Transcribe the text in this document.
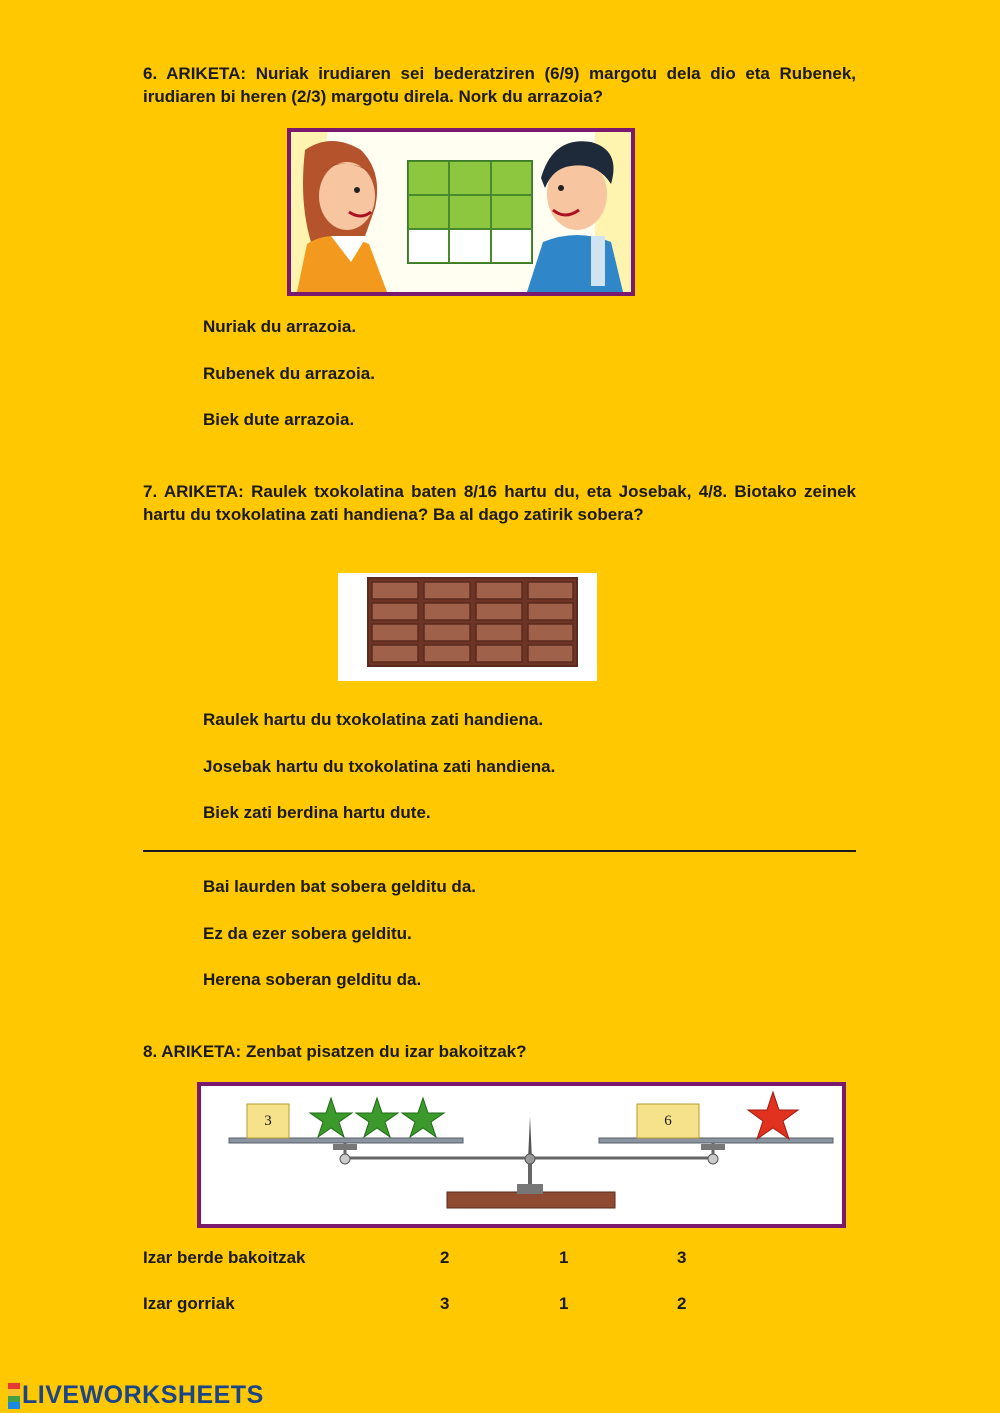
6. ARIKETA: Nuriak irudiaren sei bederatziren (6/9) margotu dela dio eta Rubenek, irudiaren bi heren (2/3) margotu direla. Nork du arrazoia?

Nuriak du arrazoia.
Rubenek du arrazoia.
Biek dute arrazoia.

7. ARIKETA: Raulek txokolatina baten 8/16 hartu du, eta Josebak, 4/8. Biotako zeinek hartu du txokolatina zati handiena? Ba al dago zatirik sobera?

Raulek hartu du txokolatina zati handiena.
Josebak hartu du txokolatina zati handiena.
Biek zati berdina hartu dute.
Bai laurden bat sobera gelditu da.
Ez da ezer sobera gelditu.
Herena soberan gelditu da.

8. ARIKETA: Zenbat pisatzen du izar bakoitzak?

3	6
Izar berde bakoitzak	2	1	3
Izar gorriak	3	1	2
LIVEWORKSHEETS
